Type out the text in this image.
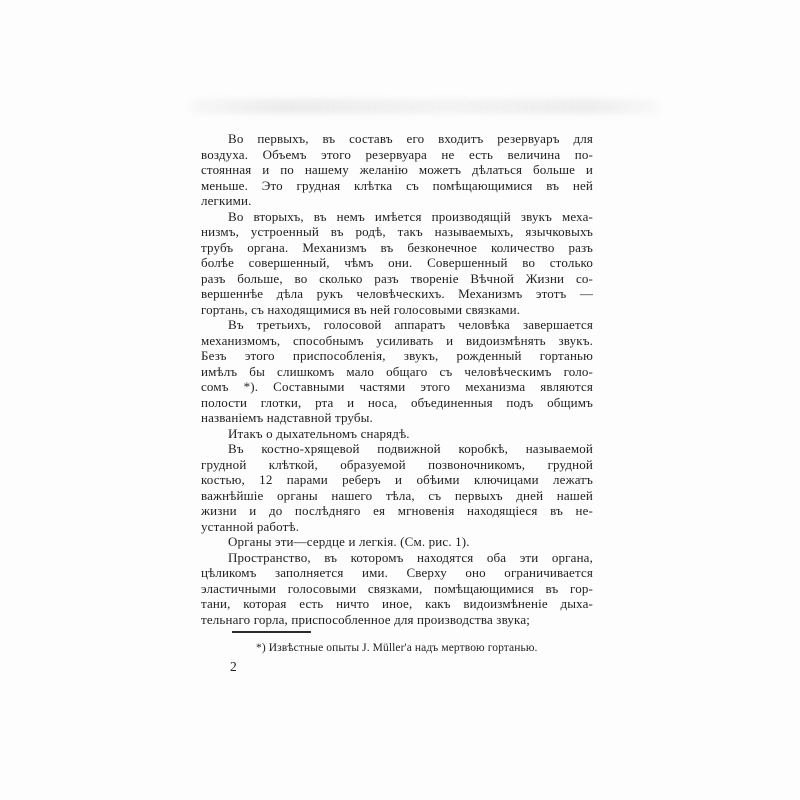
Во первыхъ, въ составъ его входитъ резервуаръ для
воздуха. Объемъ этого резервуара не есть величина по-
стоянная и по нашему желанію можетъ дѣлаться больше и
меньше. Это грудная клѣтка съ помѣщающимися въ ней
легкими.
Во вторыхъ, въ немъ имѣется производящій звукъ меха-
низмъ, устроенный въ родѣ, такъ называемыхъ, язычковыхъ
трубъ органа. Механизмъ въ безконечное количество разъ
болѣе совершенный, чѣмъ они. Совершенный во столько
разъ больше, во сколько разъ твореніе Вѣчной Жизни со-
вершеннѣе дѣла рукъ человѣческихъ. Механизмъ этотъ —
гортань, съ находящимися въ ней голосовыми связками.
Въ третьихъ, голосовой аппаратъ человѣка завершается
механизмомъ, способнымъ усиливать и видоизмѣнять звукъ.
Безъ этого приспособленія, звукъ, рожденный гортанью
имѣлъ бы слишкомъ мало общаго съ человѣческимъ голо-
сомъ *). Составными частями этого механизма являются
полости глотки, рта и носа, объединенныя подъ общимъ
названіемъ надставной трубы.
Итакъ о дыхательномъ снарядѣ.
Въ костно-хрящевой подвижной коробкѣ, называемой
грудной клѣткой, образуемой позвоночникомъ, грудной
костью, 12 парами реберъ и обѣими ключицами лежатъ
важнѣйшіе органы нашего тѣла, съ первыхъ дней нашей
жизни и до послѣдняго ея мгновенія находящіеся въ не-
устанной работѣ.
Органы эти—сердце и легкія. (См. рис. 1).
Пространство, въ которомъ находятся оба эти органа,
цѣликомъ заполняется ими. Сверху оно ограничивается
эластичными голосовыми связками, помѣщающимися въ гор-
тани, которая есть ничто иное, какъ видоизмѣненіе дыха-
тельнаго горла, приспособленное для производства звука;
*) Извѣстные опыты J. Müller'а надъ мертвою гортанью.
2
